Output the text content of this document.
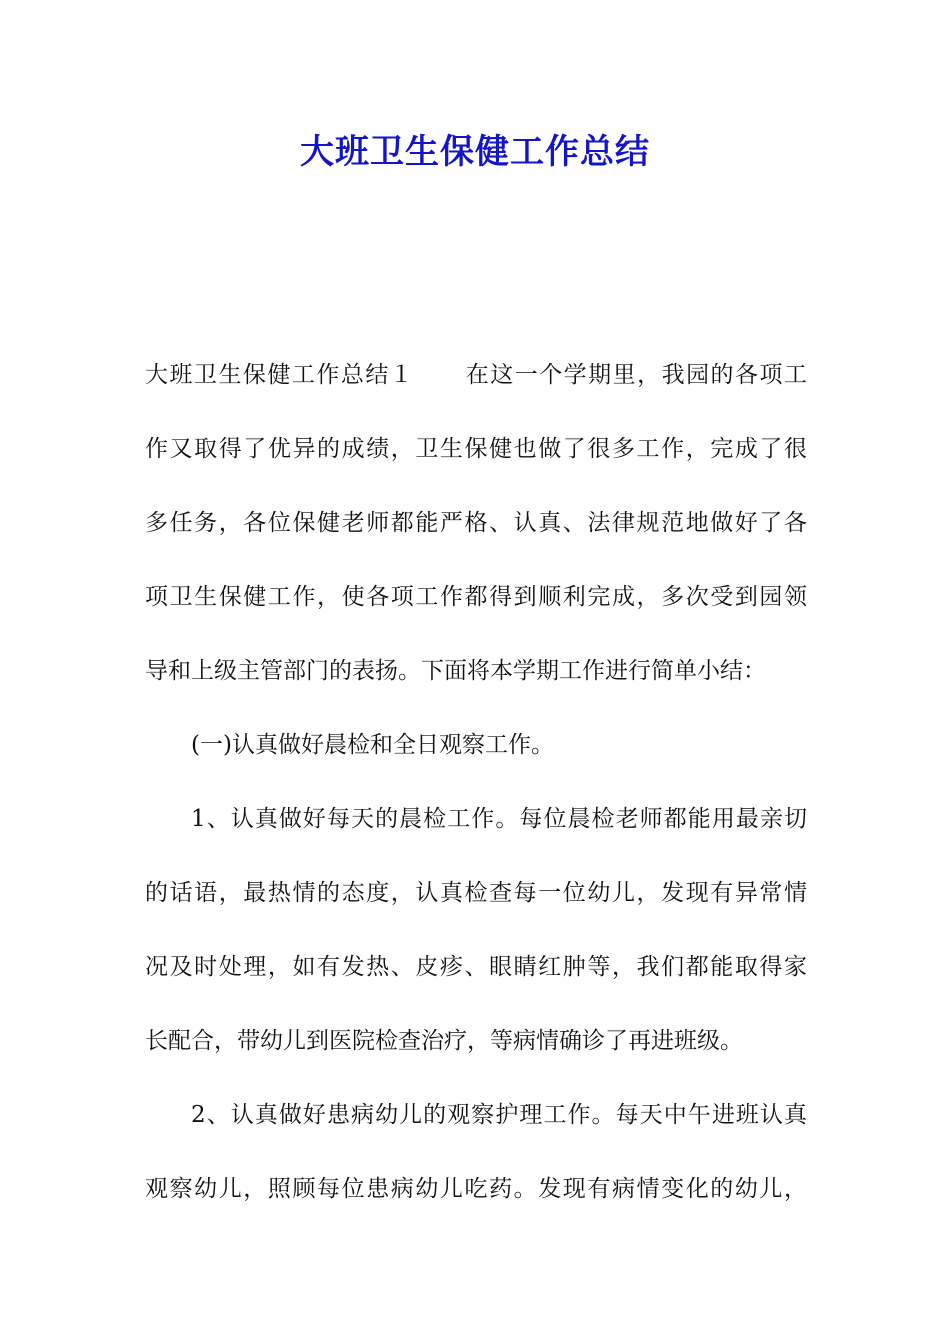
大班卫生保健工作总结
大班卫生保健工作总结１ 在这一个学期里，我园的各项工
作又取得了优异的成绩，卫生保健也做了很多工作，完成了很
多任务，各位保健老师都能严格、认真、法律规范地做好了各
项卫生保健工作，使各项工作都得到顺利完成，多次受到园领
导和上级主管部门的表扬。下面将本学期工作进行简单小结：
(一)认真做好晨检和全日观察工作。
1、认真做好每天的晨检工作。每位晨检老师都能用最亲切
的话语，最热情的态度，认真检查每一位幼儿，发现有异常情
况及时处理，如有发热、皮疹、眼睛红肿等，我们都能取得家
长配合，带幼儿到医院检查治疗，等病情确诊了再进班级。
2、认真做好患病幼儿的观察护理工作。每天中午进班认真
观察幼儿，照顾每位患病幼儿吃药。发现有病情变化的幼儿，
